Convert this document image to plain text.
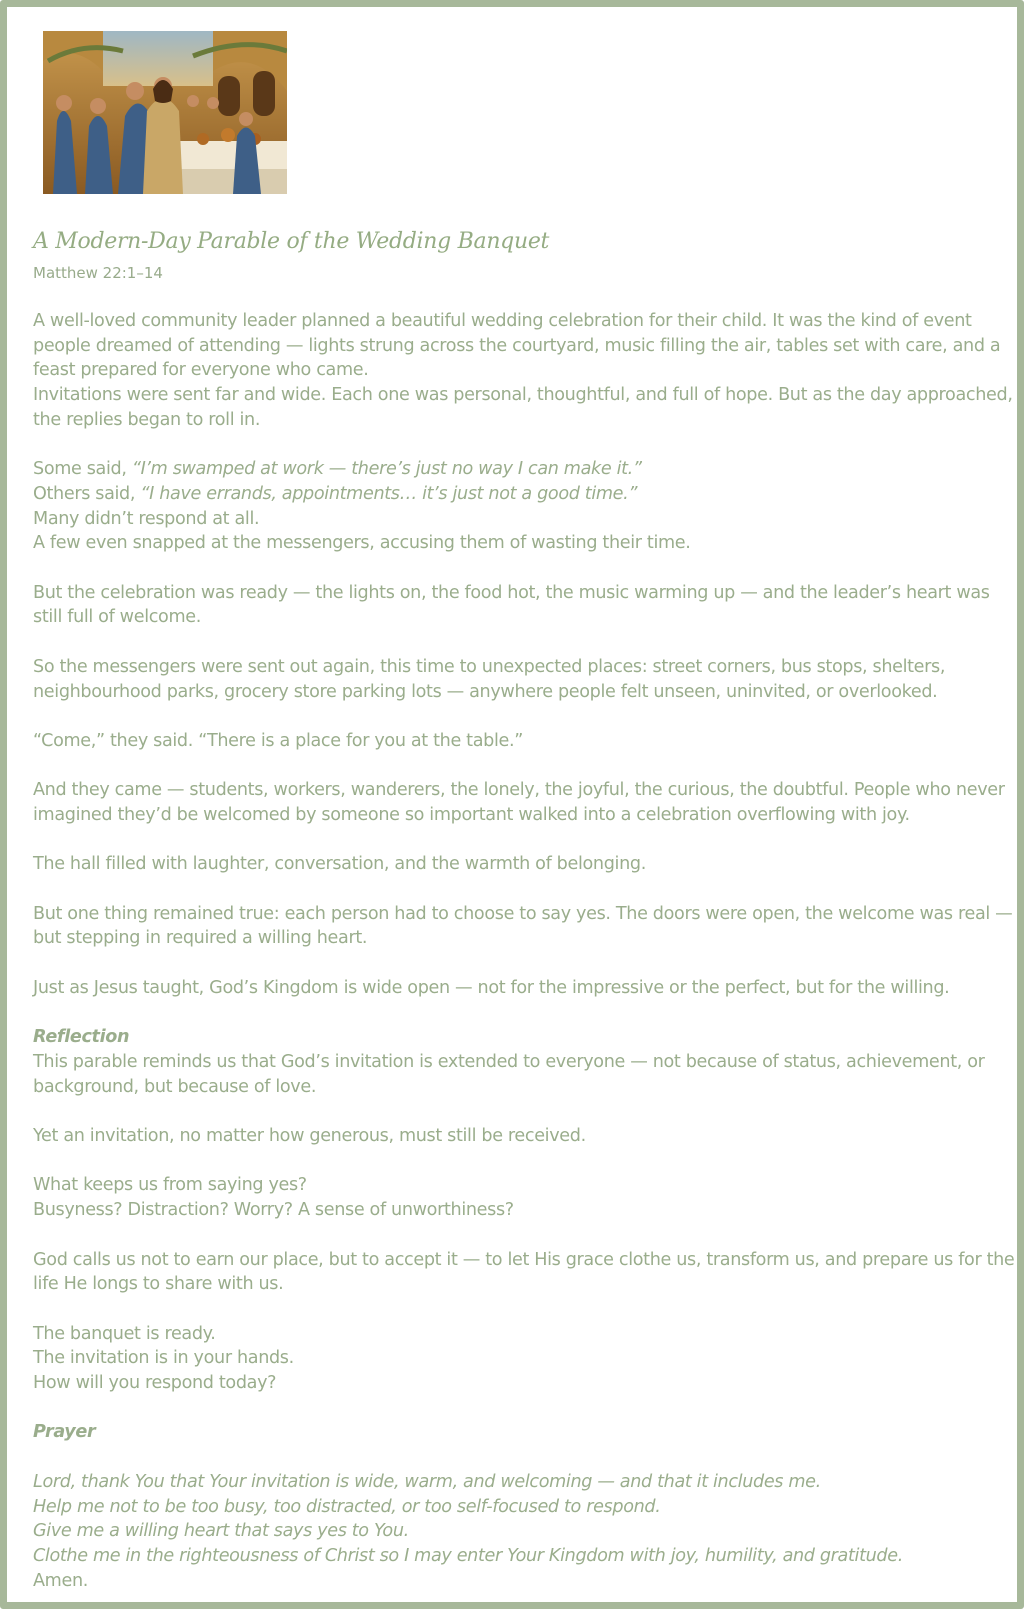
A Modern-Day Parable of the Wedding Banquet
Matthew 22:1–14

A well-loved community leader planned a beautiful wedding celebration for their child. It was the kind of event people dreamed of attending — lights strung across the courtyard, music filling the air, tables set with care, and a feast prepared for everyone who came.

Invitations were sent far and wide. Each one was personal, thoughtful, and full of hope. But as the day approached, the replies began to roll in.

Some said, “I’m swamped at work — there’s just no way I can make it.”

Others said, “I have errands, appointments… it’s just not a good time.”

Many didn’t respond at all.

A few even snapped at the messengers, accusing them of wasting their time.

But the celebration was ready — the lights on, the food hot, the music warming up — and the leader’s heart was still full of welcome.

So the messengers were sent out again, this time to unexpected places: street corners, bus stops, shelters, neighbourhood parks, grocery store parking lots — anywhere people felt unseen, uninvited, or overlooked.

“Come,” they said. “There is a place for you at the table.”

And they came — students, workers, wanderers, the lonely, the joyful, the curious, the doubtful. People who never imagined they’d be welcomed by someone so important walked into a celebration overflowing with joy.

The hall filled with laughter, conversation, and the warmth of belonging.

But one thing remained true: each person had to choose to say yes. The doors were open, the welcome was real — but stepping in required a willing heart.

Just as Jesus taught, God’s Kingdom is wide open — not for the impressive or the perfect, but for the willing.

Reflection

This parable reminds us that God’s invitation is extended to everyone — not because of status, achievement, or background, but because of love.

Yet an invitation, no matter how generous, must still be received.

What keeps us from saying yes?

Busyness? Distraction? Worry? A sense of unworthiness?

God calls us not to earn our place, but to accept it — to let His grace clothe us, transform us, and prepare us for the life He longs to share with us.

The banquet is ready.

The invitation is in your hands.

How will you respond today?

Prayer

Lord, thank You that Your invitation is wide, warm, and welcoming — and that it includes me.

Help me not to be too busy, too distracted, or too self-focused to respond.

Give me a willing heart that says yes to You.

Clothe me in the righteousness of Christ so I may enter Your Kingdom with joy, humility, and gratitude.

Amen.
